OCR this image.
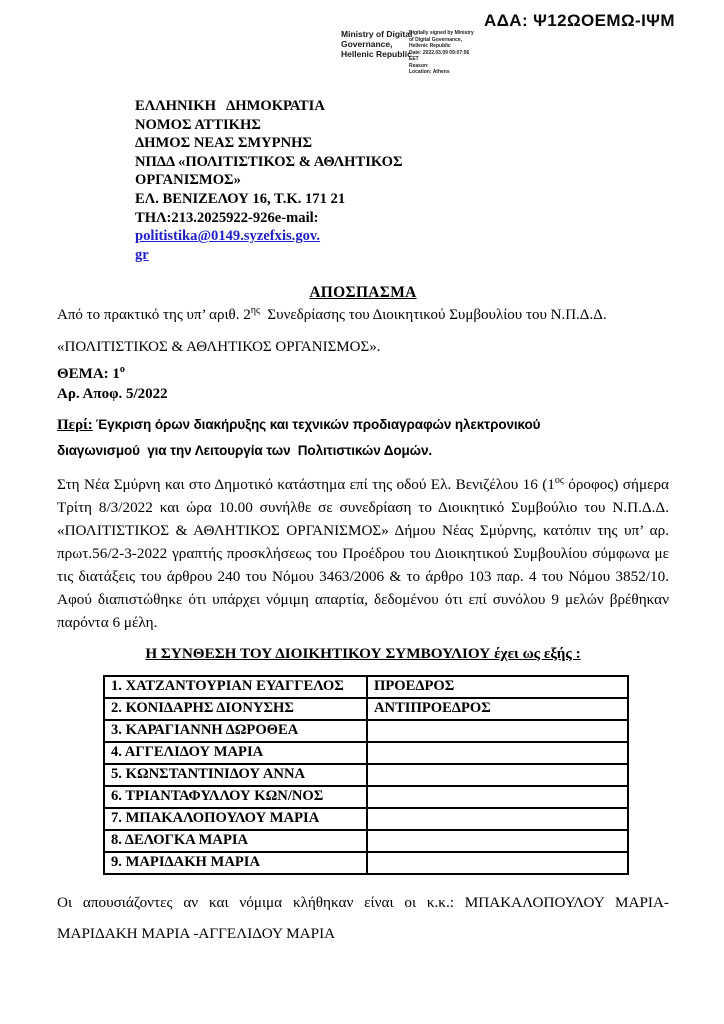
ΑΔΑ: Ψ12ΩΟΕΜΩ-ΙΨΜ
Ministry of Digital
Governance,
Hellenic Republic
Digitally signed by Ministry
of Digital Governance,
Hellenic Republic
Date: 2022.03.09 09:07:56
EET
Reason:
Location: Athens
ΕΛΛΗΝΙΚΗ   ΔΗΜΟΚΡΑΤΙΑ
ΝΟΜΟΣ ΑΤΤΙΚΗΣ
ΔΗΜΟΣ ΝΕΑΣ ΣΜΥΡΝΗΣ
ΝΠΔΔ «ΠΟΛΙΤΙΣΤΙΚΟΣ & ΑΘΛΗΤΙΚΟΣ
ΟΡΓΑΝΙΣΜΟΣ»
ΕΛ. ΒΕΝΙΖΕΛΟΥ 16, Τ.Κ. 171 21
ΤΗΛ:213.2025922-926e-mail:
politistika@0149.syzefxis.gov.
gr
ΑΠΟΣΠΑΣΜΑ
Από το πρακτικό της υπ’ αριθ. $2^{\eta\varsigma}$  Συνεδρίασης του Διοικητικού Συμβουλίου του Ν.Π.Δ.Δ.
«ΠΟΛΙΤΙΣΤΙΚΟΣ & ΑΘΛΗΤΙΚΟΣ ΟΡΓΑΝΙΣΜΟΣ».
ΘΕΜΑ: $1^o$
Αρ. Αποφ. 5/2022
Περί: Έγκριση όρων διακήρυξης και τεχνικών προδιαγραφών ηλεκτρονικού
διαγωνισμού  για την Λειτουργία των  Πολιτιστικών Δομών.
Στη Νέα Σμύρνη και στο Δημοτικό κατάστημα επί της οδού Ελ. Βενιζέλου 16 ($1^{o\varsigma}$ όροφος) σήμερα Τρίτη 8/3/2022 και ώρα 10.00 συνήλθε σε συνεδρίαση το Διοικητικό Συμβούλιο του Ν.Π.Δ.Δ. «ΠΟΛΙΤΙΣΤΙΚΟΣ & ΑΘΛΗΤΙΚΟΣ ΟΡΓΑΝΙΣΜΟΣ» Δήμου Νέας Σμύρνης, κατόπιν της υπ’ αρ. πρωτ.56/2-3-2022 γραπτής προσκλήσεως του Προέδρου του Διοικητικού Συμβουλίου σύμφωνα με τις διατάξεις του άρθρου 240 του Νόμου 3463/2006 & το άρθρο 103 παρ. 4 του Νόμου 3852/10. Αφού διαπιστώθηκε ότι υπάρχει νόμιμη απαρτία, δεδομένου ότι επί συνόλου 9 μελών βρέθηκαν παρόντα 6 μέλη.
Η ΣΥΝΘΕΣΗ ΤΟΥ ΔΙΟΙΚΗΤΙΚΟΥ ΣΥΜΒΟΥΛΙΟΥ έχει ως εξής :
1. ΧΑΤΖΑΝΤΟΥΡΙΑΝ ΕΥΑΓΓΕΛΟΣ	ΠΡΟΕΔΡΟΣ
2. ΚΟΝΙΔΑΡΗΣ ΔΙΟΝΥΣΗΣ	ΑΝΤΙΠΡΟΕΔΡΟΣ
3. ΚΑΡΑΓΙΑΝΝΗ ΔΩΡΟΘΕΑ	
4. ΑΓΓΕΛΙΔΟΥ ΜΑΡΙΑ	
5. ΚΩΝΣΤΑΝΤΙΝΙΔΟΥ ΑΝΝΑ	
6. ΤΡΙΑΝΤΑΦΥΛΛΟΥ ΚΩΝ/ΝΟΣ	
7. ΜΠΑΚΑΛΟΠΟΥΛΟΥ ΜΑΡΙΑ	
8. ΔΕΛΟΓΚΑ ΜΑΡΙΑ	
9. ΜΑΡΙΔΑΚΗ ΜΑΡΙΑ	
Οι απουσιάζοντες αν και νόμιμα κλήθηκαν είναι οι κ.κ.: ΜΠΑΚΑΛΟΠΟΥΛΟΥ ΜΑΡΙΑ-
ΜΑΡΙΔΑΚΗ ΜΑΡΙΑ -ΑΓΓΕΛΙΔΟΥ ΜΑΡΙΑ
